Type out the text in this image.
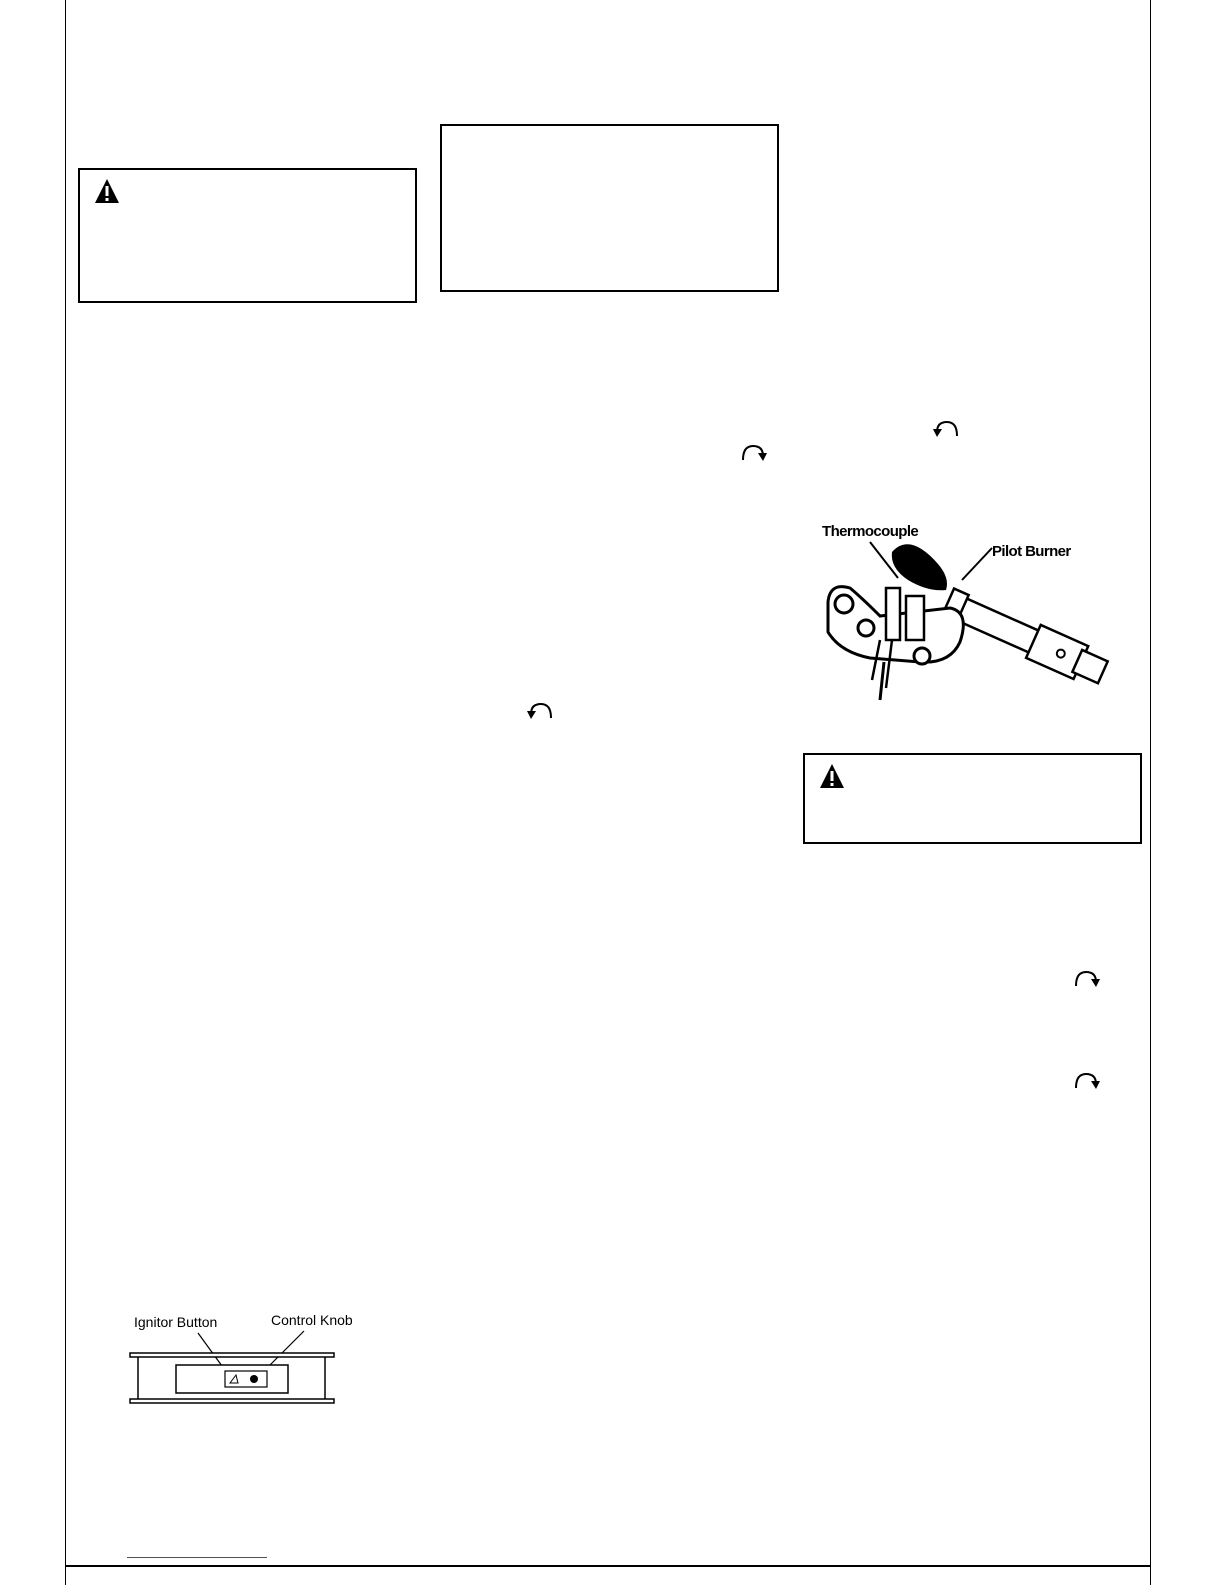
Thermocouple
Pilot Burner
Ignitor Button	Control Knob
